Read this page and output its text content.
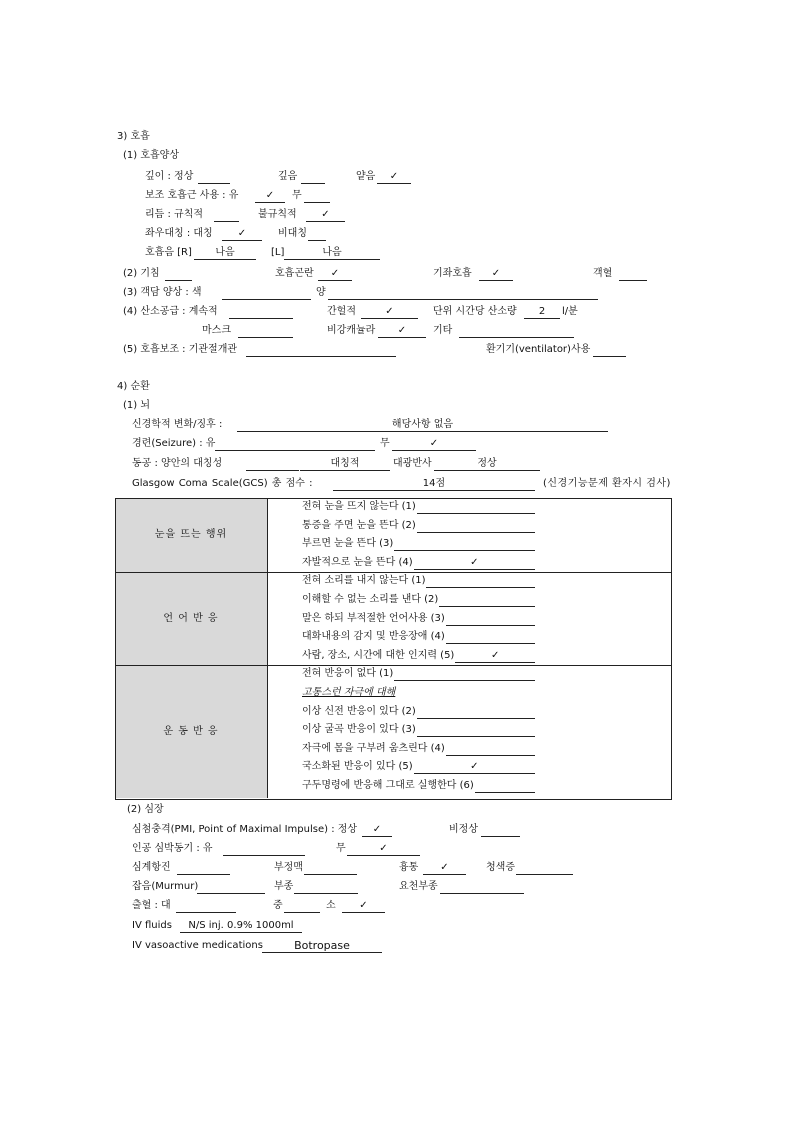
3) 호흡
(1) 호흡양상
깊이 : 정상	깊음	얕음	✓
보조 호흡근 사용 : 유	✓	무
리듬 : 규칙적	불규칙적	✓
좌우대칭 : 대칭	✓	비대칭
호흡음 [R]	나음	[L]	나음
(2) 기침	호흡곤란	✓	기좌호흡	✓	객혈
(3) 객담 양상 : 색	양
(4) 산소공급 : 계속적	간헐적	✓	단위 시간당 산소량	2	l/분
마스크	비강캐뉼라	✓	기타
(5) 호흡보조 : 기관절개관	환기기(ventilator)사용
4) 순환
(1) 뇌
신경학적 변화/징후 :	해당사항 없음
경련(Seizure) : 유	무	✓
동공 : 양안의 대칭성	대칭적	대광반사	정상
Glasgow Coma Scale(GCS) 총 점수 :	14점	(신경기능문제 환자시 검사)
눈을 뜨는 행위
전혀 눈을 뜨지 않는다 (1)
통증을 주면 눈을 뜬다 (2)
부르면 눈을 뜬다 (3)
자발적으로 눈을 뜬다 (4)	✓
언 어 반 응
전혀 소리를 내지 않는다 (1)
이해할 수 없는 소리를 낸다 (2)
말은 하되 부적절한 언어사용 (3)
대화내용의 감지 및 반응장애 (4)
사람, 장소, 시간에 대한 인지력 (5)	✓
운 동 반 응
전혀 반응이 없다 (1)
고통스런 자극에 대해
이상 신전 반응이 있다 (2)
이상 굴곡 반응이 있다 (3)
자극에 몸을 구부려 움츠린다 (4)
국소화된 반응이 있다 (5)	✓
구두명령에 반응해 그대로 실행한다 (6)
(2) 심장
심첨충격(PMI, Point of Maximal Impulse) : 정상	✓	비정상
인공 심박동기 : 유	무	✓
심계항진	부정맥	흉통	✓	청색증
잡음(Murmur)	부종	요천부종
출혈 : 대	중	소	✓
IV fluids	N/S inj. 0.9% 1000ml
IV vasoactive medications	Botropase
